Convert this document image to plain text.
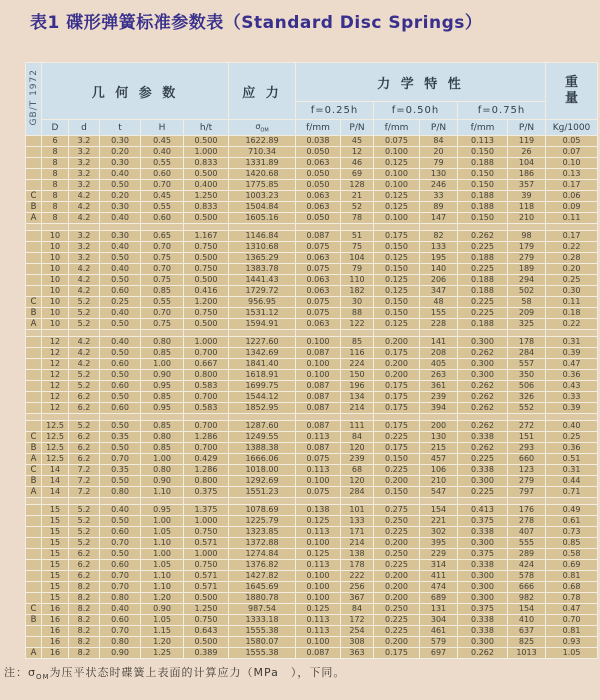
表1 碟形弹簧标准参数表（Standard Disc Springs）
GB/T 1972	几 何 参 数					应 力	力 学 特 性						重
量
							f=0.25h		f=0.50h		f=0.75h		
	D	d	t	H	h/t	$\sigma_{OM}$	f/mm	P/N	f/mm	P/N	f/mm	P/N	Kg/1000
	6	3.2	0.30	0.45	0.500	1622.89	0.038	45	0.075	84	0.113	119	0.05
	8	3.2	0.20	0.40	1.000	710.34	0.050	12	0.100	20	0.150	26	0.07
	8	3.2	0.30	0.55	0.833	1331.89	0.063	46	0.125	79	0.188	104	0.10
	8	3.2	0.40	0.60	0.500	1420.68	0.050	69	0.100	130	0.150	186	0.13
	8	3.2	0.50	0.70	0.400	1775.85	0.050	128	0.100	246	0.150	357	0.17
C	8	4.2	0.20	0.45	1.250	1003.23	0.063	21	0.125	33	0.188	39	0.06
B	8	4.2	0.30	0.55	0.833	1504.84	0.063	52	0.125	89	0.188	118	0.09
A	8	4.2	0.40	0.60	0.500	1605.16	0.050	78	0.100	147	0.150	210	0.11

	10	3.2	0.30	0.65	1.167	1146.84	0.087	51	0.175	82	0.262	98	0.17
	10	3.2	0.40	0.70	0.750	1310.68	0.075	75	0.150	133	0.225	179	0.22
	10	3.2	0.50	0.75	0.500	1365.29	0.063	104	0.125	195	0.188	279	0.28
	10	4.2	0.40	0.70	0.750	1383.78	0.075	79	0.150	140	0.225	189	0.20
	10	4.2	0.50	0.75	0.500	1441.43	0.063	110	0.125	206	0.188	294	0.25
	10	4.2	0.60	0.85	0.416	1729.72	0.063	182	0.125	347	0.188	502	0.30
C	10	5.2	0.25	0.55	1.200	956.95	0.075	30	0.150	48	0.225	58	0.11
B	10	5.2	0.40	0.70	0.750	1531.12	0.075	88	0.150	155	0.225	209	0.18
A	10	5.2	0.50	0.75	0.500	1594.91	0.063	122	0.125	228	0.188	325	0.22

	12	4.2	0.40	0.80	1.000	1227.60	0.100	85	0.200	141	0.300	178	0.31
	12	4.2	0.50	0.85	0.700	1342.69	0.087	116	0.175	208	0.262	284	0.39
	12	4.2	0.60	1.00	0.667	1841.40	0.100	224	0.200	405	0.300	557	0.47
	12	5.2	0.50	0.90	0.800	1618.91	0.100	150	0.200	263	0.300	350	0.36
	12	5.2	0.60	0.95	0.583	1699.75	0.087	196	0.175	361	0.262	506	0.43
	12	6.2	0.50	0.85	0.700	1544.12	0.087	134	0.175	239	0.262	326	0.33
	12	6.2	0.60	0.95	0.583	1852.95	0.087	214	0.175	394	0.262	552	0.39

	12.5	5.2	0.50	0.85	0.700	1287.60	0.087	111	0.175	200	0.262	272	0.40
C	12.5	6.2	0.35	0.80	1.286	1249.55	0.113	84	0.225	130	0.338	151	0.25
B	12.5	6.2	0.50	0.85	0.700	1388.38	0.087	120	0.175	215	0.262	293	0.36
A	12.5	6.2	0.70	1.00	0.429	1666.06	0.075	239	0.150	457	0.225	660	0.51
C	14	7.2	0.35	0.80	1.286	1018.00	0.113	68	0.225	106	0.338	123	0.31
B	14	7.2	0.50	0.90	0.800	1292.69	0.100	120	0.200	210	0.300	279	0.44
A	14	7.2	0.80	1.10	0.375	1551.23	0.075	284	0.150	547	0.225	797	0.71

	15	5.2	0.40	0.95	1.375	1078.69	0.138	101	0.275	154	0.413	176	0.49
	15	5.2	0.50	1.00	1.000	1225.79	0.125	133	0.250	221	0.375	278	0.61
	15	5.2	0.60	1.05	0.750	1323.85	0.113	171	0.225	302	0.338	407	0.73
	15	5.2	0.70	1.10	0.571	1372.88	0.100	214	0.200	395	0.300	555	0.85
	15	6.2	0.50	1.00	1.000	1274.84	0.125	138	0.250	229	0.375	289	0.58
	15	6.2	0.60	1.05	0.750	1376.82	0.113	178	0.225	314	0.338	424	0.69
	15	6.2	0.70	1.10	0.571	1427.82	0.100	222	0.200	411	0.300	578	0.81
	15	8.2	0.70	1.10	0.571	1645.69	0.100	256	0.200	474	0.300	666	0.68
	15	8.2	0.80	1.20	0.500	1880.78	0.100	367	0.200	689	0.300	982	0.78
C	16	8.2	0.40	0.90	1.250	987.54	0.125	84	0.250	131	0.375	154	0.47
B	16	8.2	0.60	1.05	0.750	1333.18	0.113	172	0.225	304	0.338	410	0.70
	16	8.2	0.70	1.15	0.643	1555.38	0.113	254	0.225	461	0.338	637	0.81
	16	8.2	0.80	1.20	0.500	1580.07	0.100	308	0.200	579	0.300	825	0.93
A	16	8.2	0.90	1.25	0.389	1555.38	0.087	363	0.175	697	0.262	1013	1.05

注：$\sigma_{OM}$为压平状态时碟簧上表面的计算应力（MPa　），下同。
